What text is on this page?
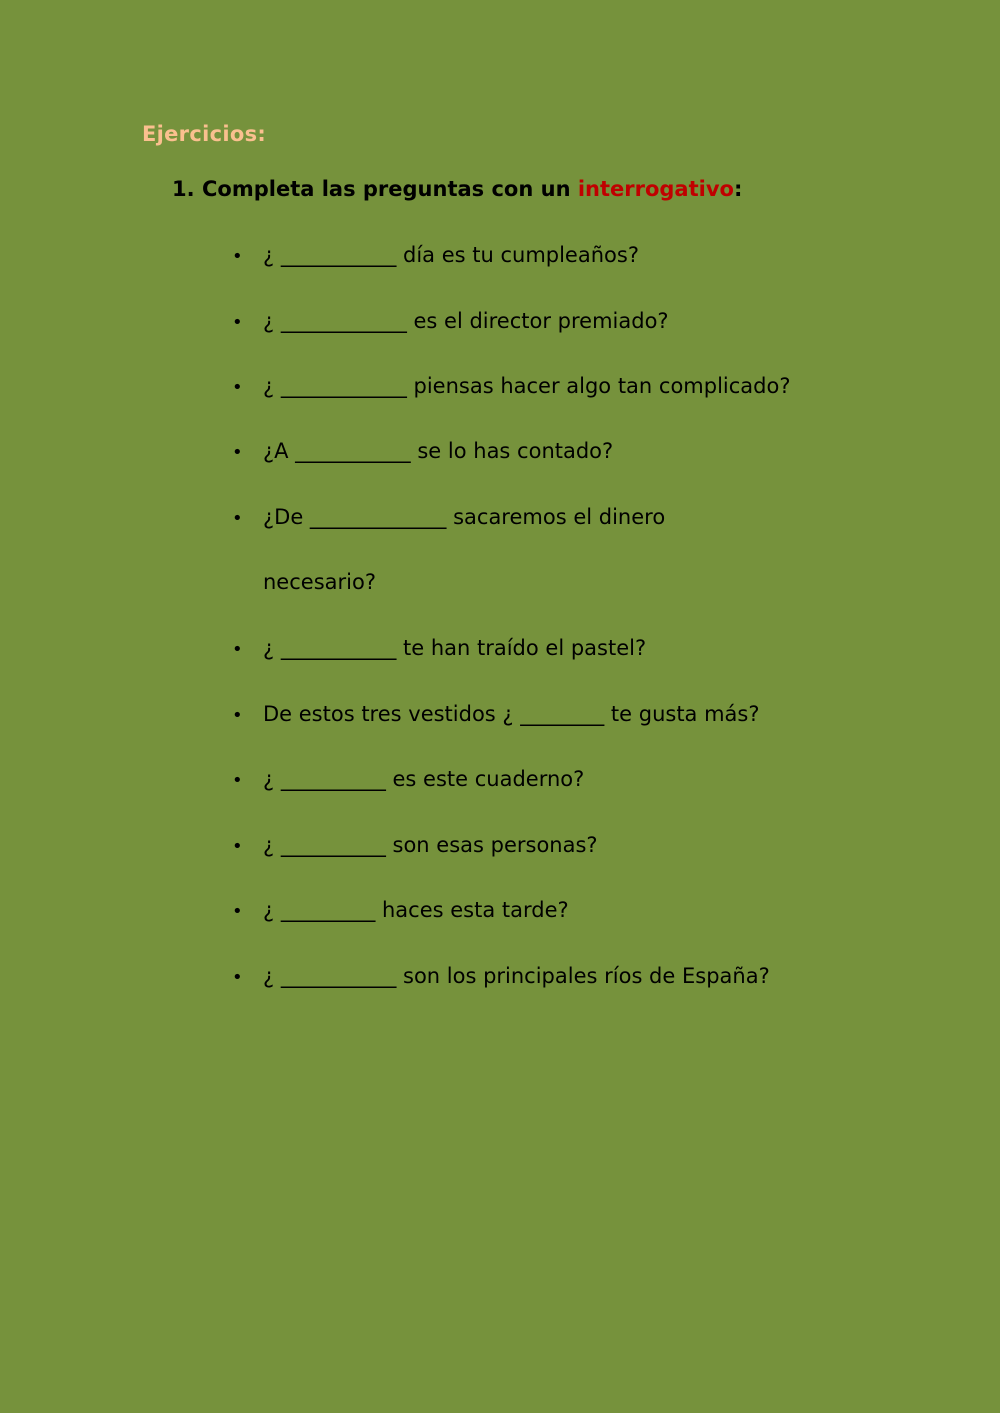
Ejercicios:
1. Completa las preguntas con un interrogativo:
• ¿ ___________ día es tu cumpleaños?
• ¿ ____________ es el director premiado?
• ¿ ____________ piensas hacer algo tan complicado?
• ¿A ___________ se lo has contado?
• ¿De _____________ sacaremos el dinero
necesario?
• ¿ ___________ te han traído el pastel?
• De estos tres vestidos ¿ ________ te gusta más?
• ¿ __________ es este cuaderno?
• ¿ __________ son esas personas?
• ¿ _________ haces esta tarde?
• ¿ ___________ son los principales ríos de España?
